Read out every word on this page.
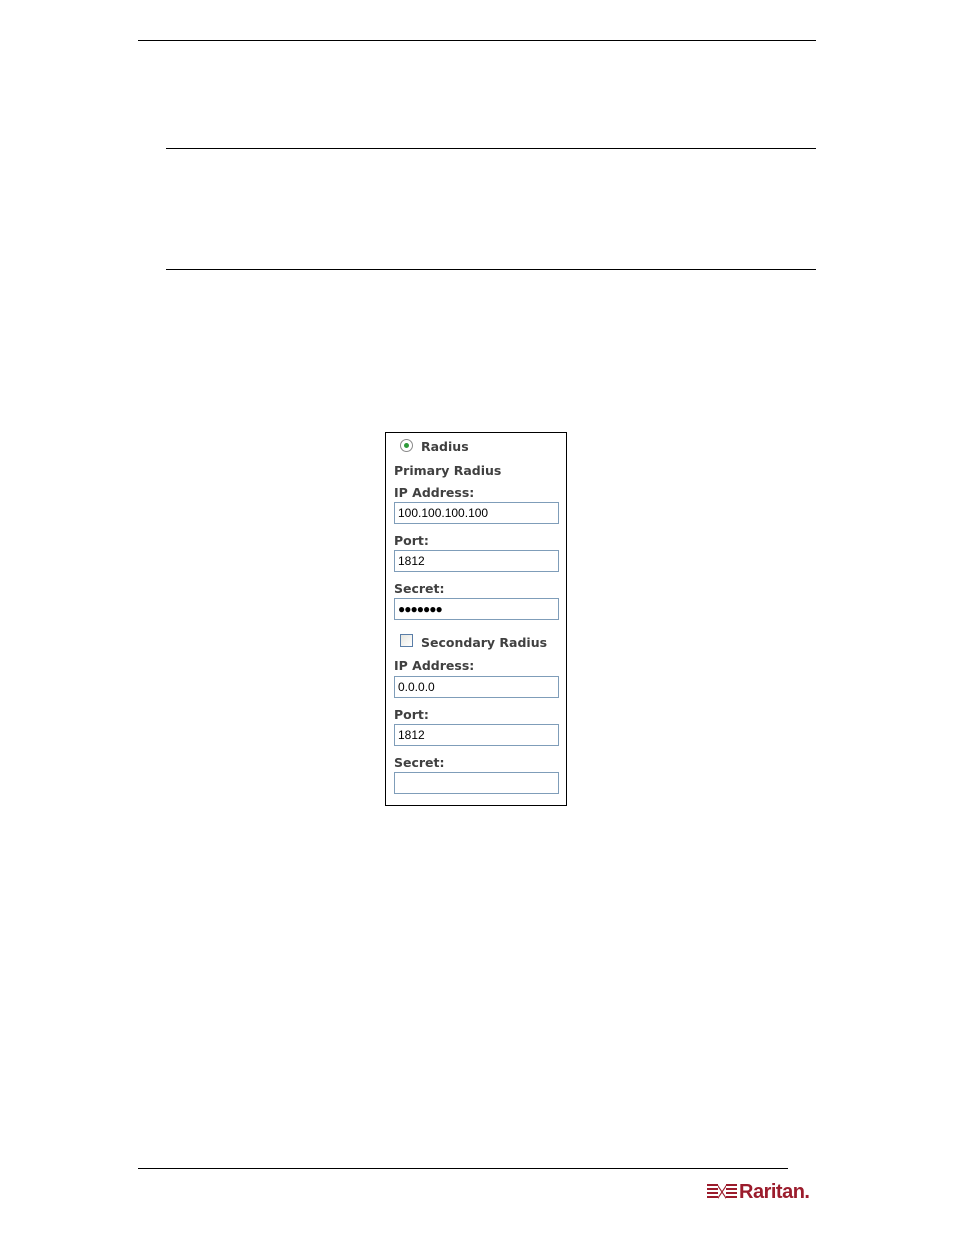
Radius
Primary Radius
IP Address:
100.100.100.100
Port:
1812
Secret:
●●●●●●●
Secondary Radius
IP Address:
0.0.0.0
Port:
1812
Secret:
Raritan .
